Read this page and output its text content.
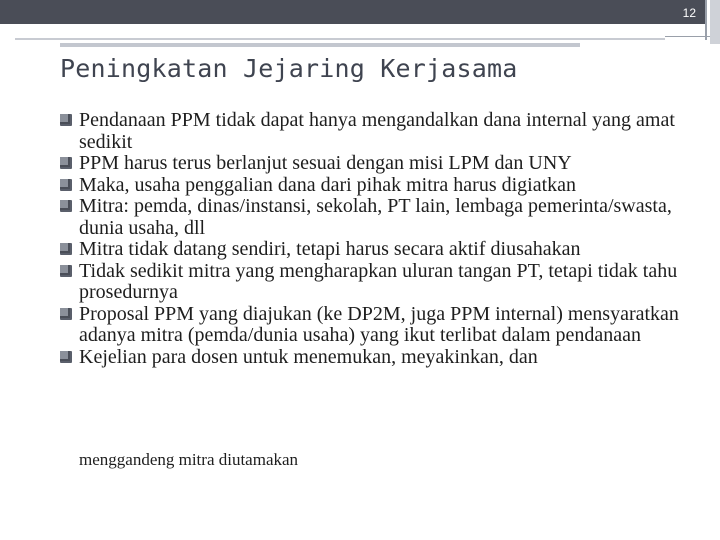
12
Peningkatan Jejaring Kerjasama
Pendanaan PPM tidak dapat hanya mengandalkan dana internal yang amat sedikit
PPM harus terus berlanjut sesuai dengan misi LPM dan UNY
Maka, usaha penggalian dana dari pihak mitra harus digiatkan
Mitra: pemda, dinas/instansi, sekolah, PT lain, lembaga pemerinta/swasta, dunia usaha, dll
Mitra tidak datang sendiri, tetapi harus secara aktif diusahakan
Tidak sedikit mitra yang mengharapkan uluran tangan PT, tetapi tidak tahu prosedurnya
Proposal PPM yang diajukan (ke DP2M, juga PPM internal) mensyaratkan adanya mitra (pemda/dunia usaha) yang ikut terlibat dalam pendanaan
Kejelian para dosen untuk menemukan, meyakinkan, dan
menggandeng mitra diutamakan
